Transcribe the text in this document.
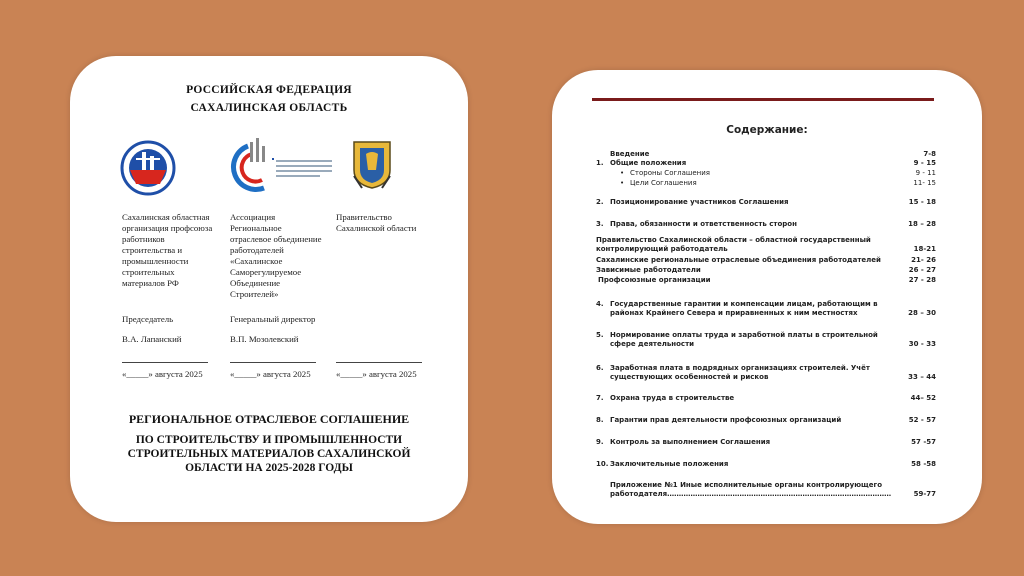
РОССИЙСКАЯ ФЕДЕРАЦИЯ
САХАЛИНСКАЯ ОБЛАСТЬ
Сахалинская областная
организация профсоюза
работников
строительства и
промышленности
строительных
материалов РФ
Председатель
В.А. Лапанский
«_____» августа 2025
Ассоциация
Региональное
отраслевое объединение
работодателей
«Сахалинское
Саморегулируемое
Объединение
Строителей»
Генеральный директор
В.П. Мозолевский
«_____» августа 2025
Правительство
Сахалинской области
«_____» августа 2025
РЕГИОНАЛЬНОЕ ОТРАСЛЕВОЕ СОГЛАШЕНИЕ
ПО СТРОИТЕЛЬСТВУ И ПРОМЫШЛЕННОСТИ
СТРОИТЕЛЬНЫХ МАТЕРИАЛОВ САХАЛИНСКОЙ
ОБЛАСТИ НА 2025-2028 ГОДЫ
Содержание:
Введение	7-8
1. Общие положения	9 - 15
• Стороны Соглашения	9 - 11
• Цели Соглашения	11- 15
2. Позиционирование участников Соглашения	15 - 18
3. Права, обязанности и ответственность сторон	18 – 28
Правительство Сахалинской области – областной государственный контролирующий работодатель	18-21
Сахалинские региональные отраслевые объединения работодателей	21- 26
Зависимые работодатели	26 - 27
Профсоюзные организации	27 - 28
4. Государственные гарантии и компенсации лицам, работающим в районах Крайнего Севера и приравненных к ним местностях	28 – 30
5. Нормирование оплаты труда и заработной платы в строительной сфере деятельности	30 - 33
6. Заработная плата в подрядных организациях строителей. Учёт существующих особенностей и рисков	33 – 44
7. Охрана труда в строительстве	44– 52
8. Гарантии прав деятельности профсоюзных организаций	52 - 57
9. Контроль за выполнением Соглашения	57 -57
10. Заключительные положения	58 -58
Приложение №1 Иные исполнительные органы контролирующего работодателя……………………………………………………………………………………	59-77
